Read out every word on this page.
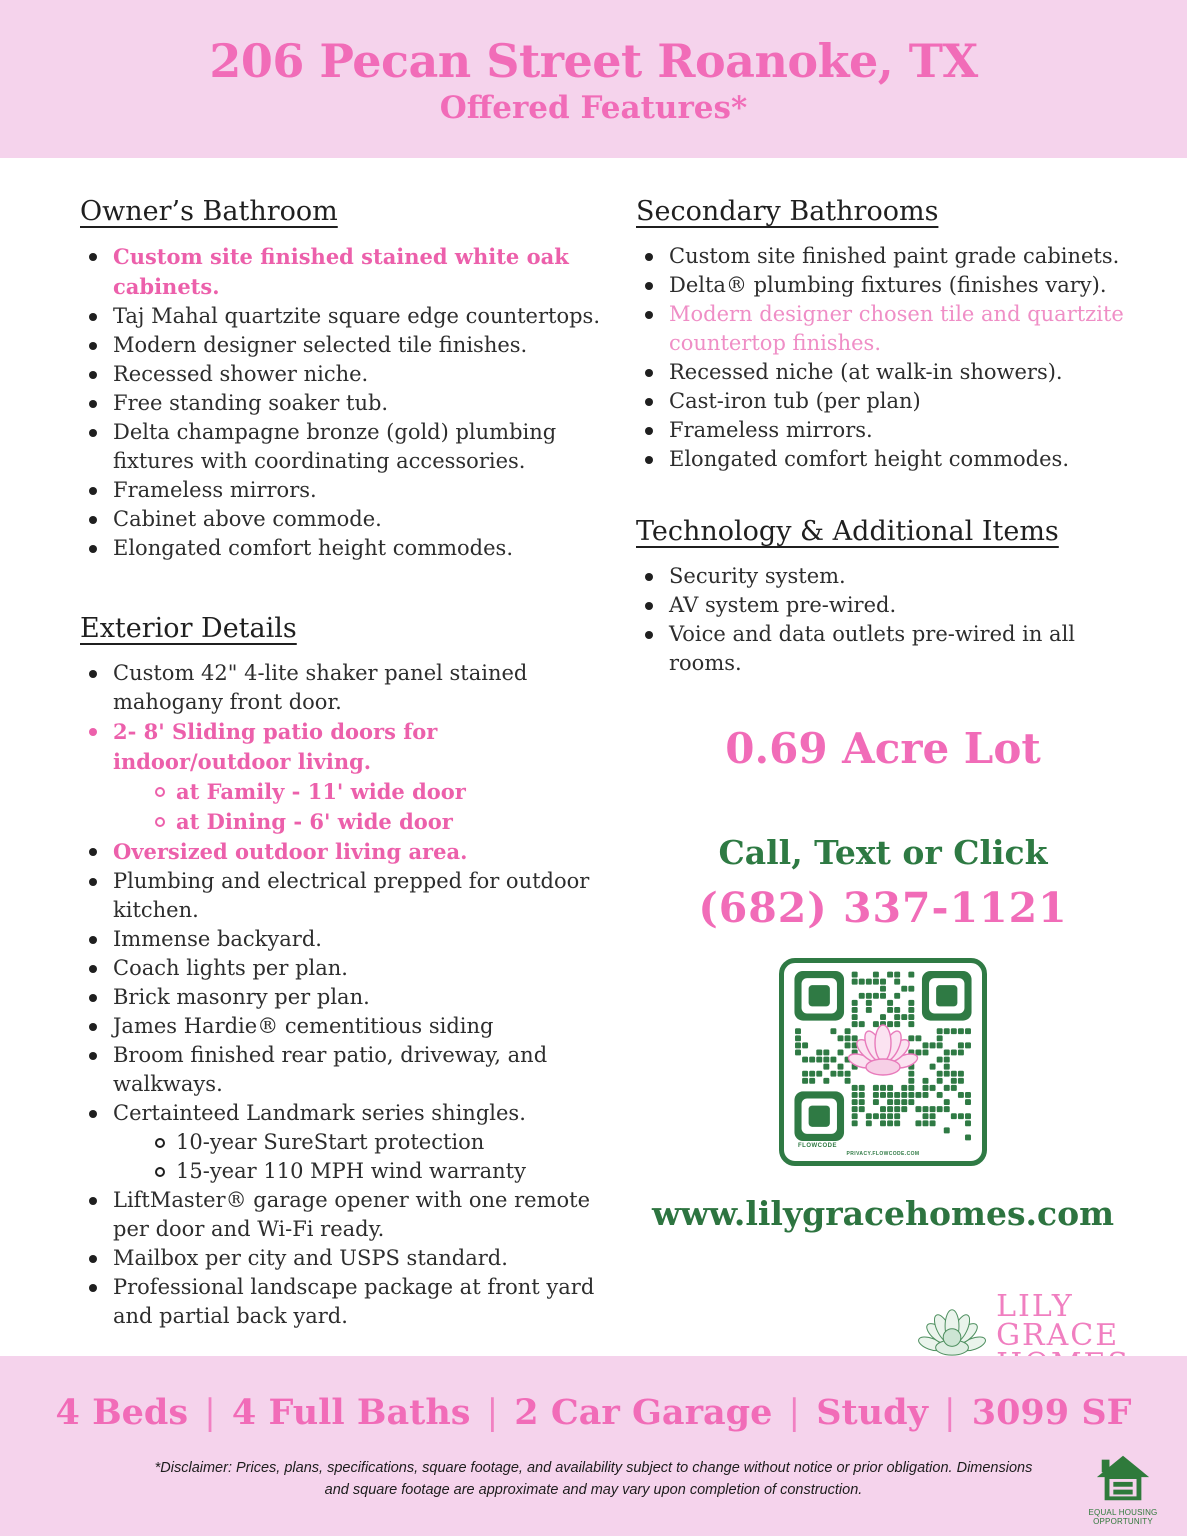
206 Pecan Street Roanoke, TX
Offered Features*
Owner’s Bathroom
Custom site finished stained white oak cabinets.
Taj Mahal quartzite square edge countertops.
Modern designer selected tile finishes.
Recessed shower niche.
Free standing soaker tub.
Delta champagne bronze (gold) plumbing fixtures with coordinating accessories.
Frameless mirrors.
Cabinet above commode.
Elongated comfort height commodes.
Exterior Details
Custom 42" 4-lite shaker panel stained mahogany front door.
2- 8' Sliding patio doors for indoor/outdoor living.
at Family - 11' wide door
at Dining - 6' wide door
Oversized outdoor living area.
Plumbing and electrical prepped for outdoor kitchen.
Immense backyard.
Coach lights per plan.
Brick masonry per plan.
James Hardie® cementitious siding
Broom finished rear patio, driveway, and walkways.
Certainteed Landmark series shingles.
10-year SureStart protection
15-year 110 MPH wind warranty
LiftMaster® garage opener with one remote per door and Wi-Fi ready.
Mailbox per city and USPS standard.
Professional landscape package at front yard and partial back yard.
Secondary Bathrooms
Custom site finished paint grade cabinets.
Delta® plumbing fixtures (finishes vary).
Modern designer chosen tile and quartzite countertop finishes.
Recessed niche (at walk-in showers).
Cast-iron tub (per plan)
Frameless mirrors.
Elongated comfort height commodes.
Technology & Additional Items
Security system.
AV system pre-wired.
Voice and data outlets pre-wired in all rooms.
0.69 Acre Lot
Call, Text or Click
(682) 337-1121
FLOWCODE
PRIVACY.FLOWCODE.COM
www.lilygracehomes.com
LILY
GRACE
4 Beds | 4 Full Baths | 2 Car Garage | Study | 3099 SF
*Disclaimer: Prices, plans, specifications, square footage, and availability subject to change without notice or prior obligation. Dimensions and square footage are approximate and may vary upon completion of construction.
EQUAL HOUSING
OPPORTUNITY
